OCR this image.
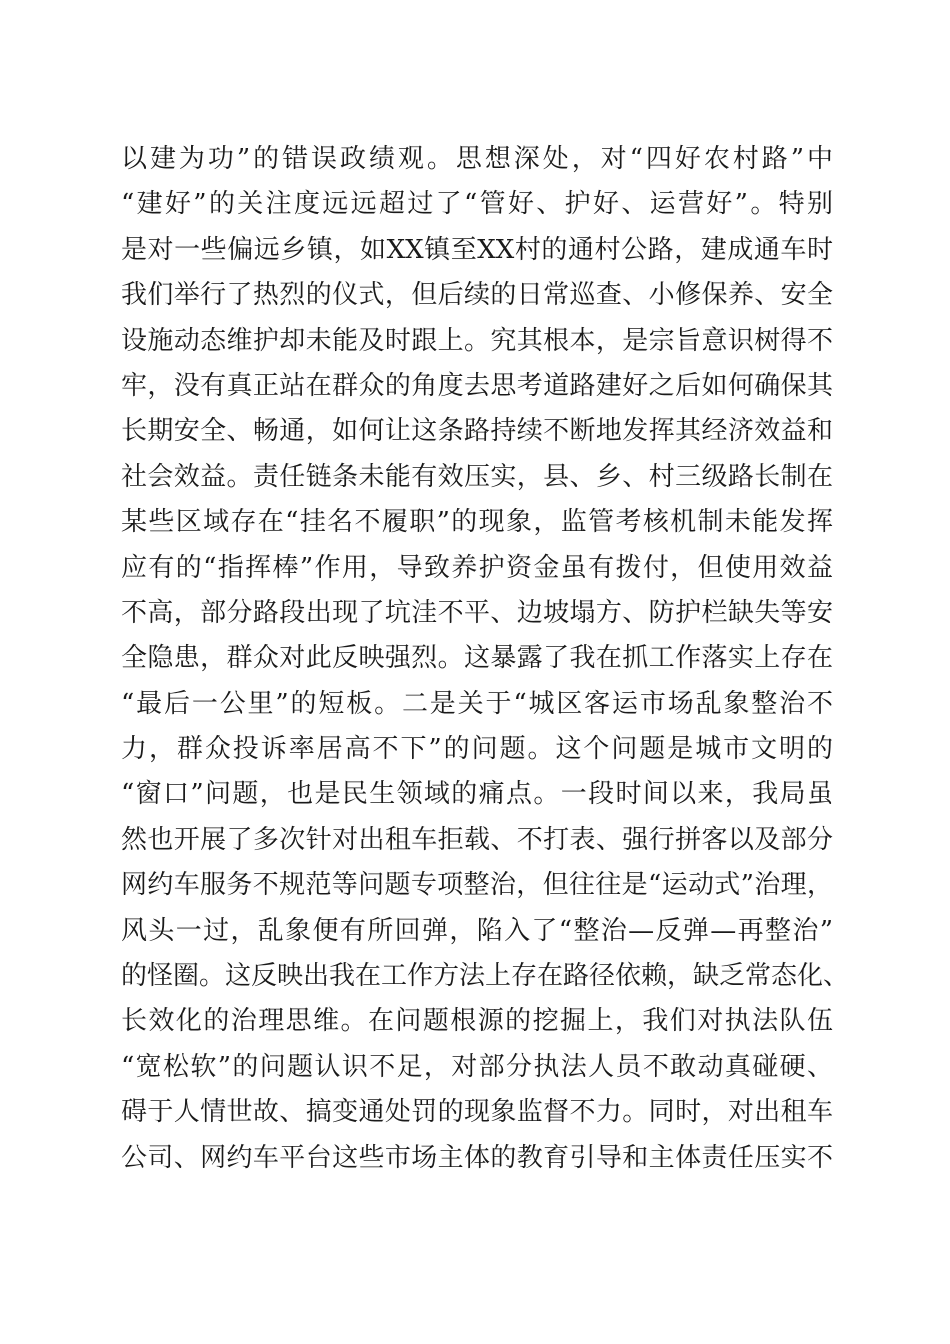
以建为功”的错误政绩观。思想深处，对“四好农村路”中
“建好”的关注度远远超过了“管好、护好、运营好”。特别
是对一些偏远乡镇，如XX镇至XX村的通村公路，建成通车时
我们举行了热烈的仪式，但后续的日常巡查、小修保养、安全
设施动态维护却未能及时跟上。究其根本，是宗旨意识树得不
牢，没有真正站在群众的角度去思考道路建好之后如何确保其
长期安全、畅通，如何让这条路持续不断地发挥其经济效益和
社会效益。责任链条未能有效压实，县、乡、村三级路长制在
某些区域存在“挂名不履职”的现象，监管考核机制未能发挥
应有的“指挥棒”作用，导致养护资金虽有拨付，但使用效益
不高，部分路段出现了坑洼不平、边坡塌方、防护栏缺失等安
全隐患，群众对此反映强烈。这暴露了我在抓工作落实上存在
“最后一公里”的短板。二是关于“城区客运市场乱象整治不
力，群众投诉率居高不下”的问题。这个问题是城市文明的
“窗口”问题，也是民生领域的痛点。一段时间以来，我局虽
然也开展了多次针对出租车拒载、不打表、强行拼客以及部分
网约车服务不规范等问题专项整治，但往往是“运动式”治理，
风头一过，乱象便有所回弹，陷入了“整治—反弹—再整治”
的怪圈。这反映出我在工作方法上存在路径依赖，缺乏常态化、
长效化的治理思维。在问题根源的挖掘上，我们对执法队伍
“宽松软”的问题认识不足，对部分执法人员不敢动真碰硬、
碍于人情世故、搞变通处罚的现象监督不力。同时，对出租车
公司、网约车平台这些市场主体的教育引导和主体责任压实不
